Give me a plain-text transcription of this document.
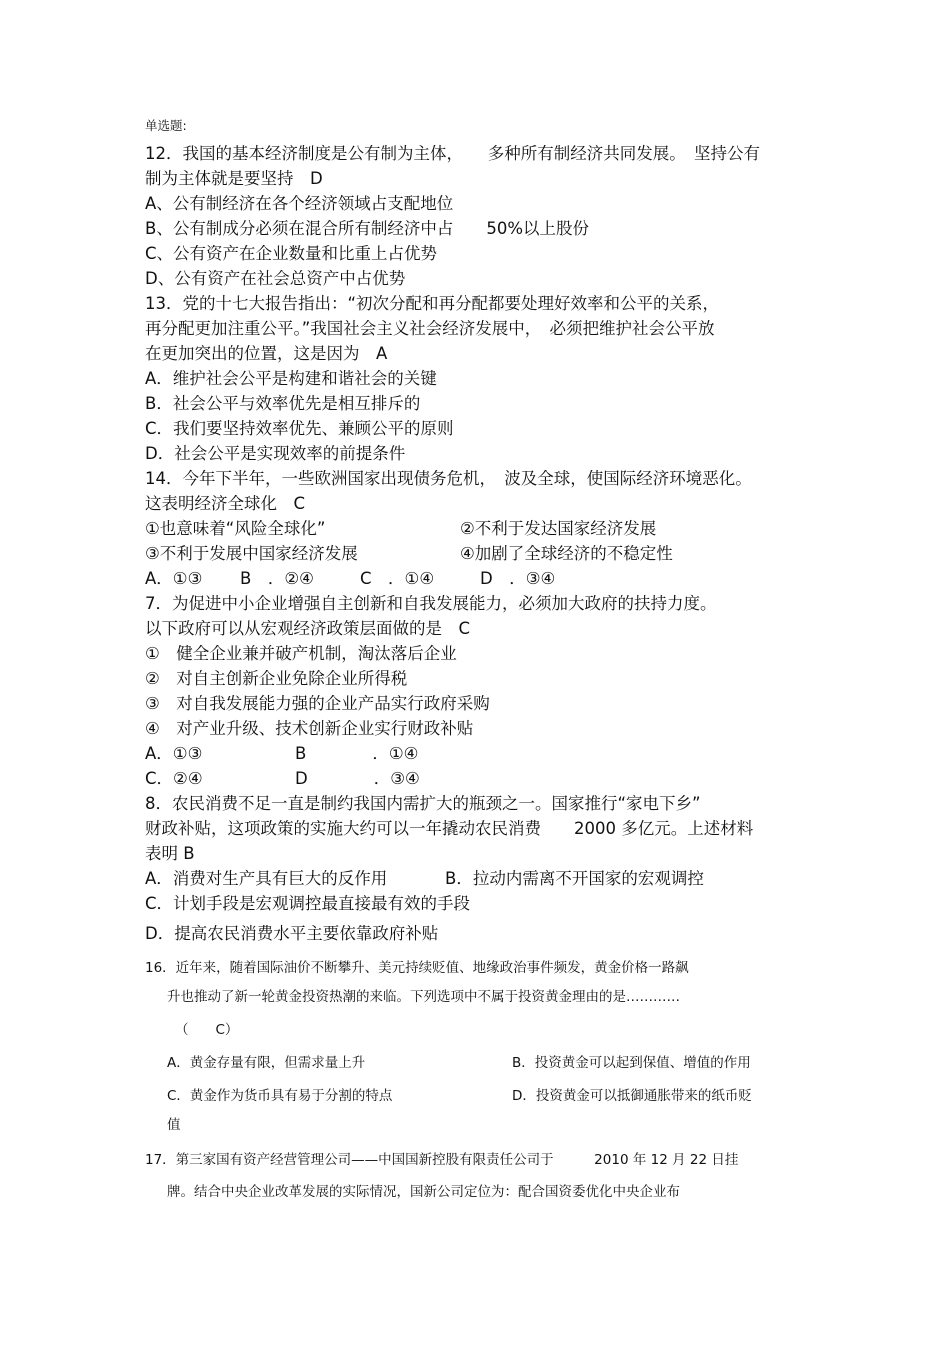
单选题:
12．我国的基本经济制度是公有制为主体，　　多种所有制经济共同发展。　坚持公有
制为主体就是要坚持　D
A、公有制经济在各个经济领域占支配地位
B、公有制成分必须在混合所有制经济中占　　50%以上股份
C、公有资产在企业数量和比重上占优势
D、公有资产在社会总资产中占优势
13．党的十七大报告指出：“初次分配和再分配都要处理好效率和公平的关系，
再分配更加注重公平。”我国社会主义社会经济发展中，　必须把维护社会公平放
在更加突出的位置，这是因为　A
A．维护社会公平是构建和谐社会的关键
B．社会公平与效率优先是相互排斥的
C．我们要坚持效率优先、兼顾公平的原则
D．社会公平是实现效率的前提条件
14．今年下半年，一些欧洲国家出现债务危机，　波及全球，使国际经济环境恶化。
这表明经济全球化　C
①也意味着“风险全球化”	②不利于发达国家经济发展
③不利于发展中国家经济发展	④加剧了全球经济的不稳定性
A．①③ B　．②④	C　．①④	D　．③④
7．为促进中小企业增强自主创新和自我发展能力，必须加大政府的扶持力度。
以下政府可以从宏观经济政策层面做的是　C
①　健全企业兼并破产机制，淘汰落后企业
②　对自主创新企业免除企业所得税
③　对自我发展能力强的企业产品实行政府采购
④　对产业升级、技术创新企业实行财政补贴
A．①③	B　　　　．①④
C．②④	D　　　　．③④
8．农民消费不足一直是制约我国内需扩大的瓶颈之一。国家推行“家电下乡”
财政补贴，这项政策的实施大约可以一年撬动农民消费　　2000 多亿元。上述材料
表明 B
A．消费对生产具有巨大的反作用	B．拉动内需离不开国家的宏观调控
C．计划手段是宏观调控最直接最有效的手段
D．提高农民消费水平主要依靠政府补贴
16．近年来，随着国际油价不断攀升、美元持续贬值、地缘政治事件频发，黄金价格一路飙
升也推动了新一轮黄金投资热潮的来临。下列选项中不属于投资黄金理由的是…………
（　　C）
A．黄金存量有限，但需求量上升	B．投资黄金可以起到保值、增值的作用
C．黄金作为货币具有易于分割的特点	D．投资黄金可以抵御通胀带来的纸币贬
值
17．第三家国有资产经营管理公司——中国国新控股有限责任公司于　　　2010 年 12 月 22 日挂
牌。结合中央企业改革发展的实际情况，国新公司定位为：配合国资委优化中央企业布
